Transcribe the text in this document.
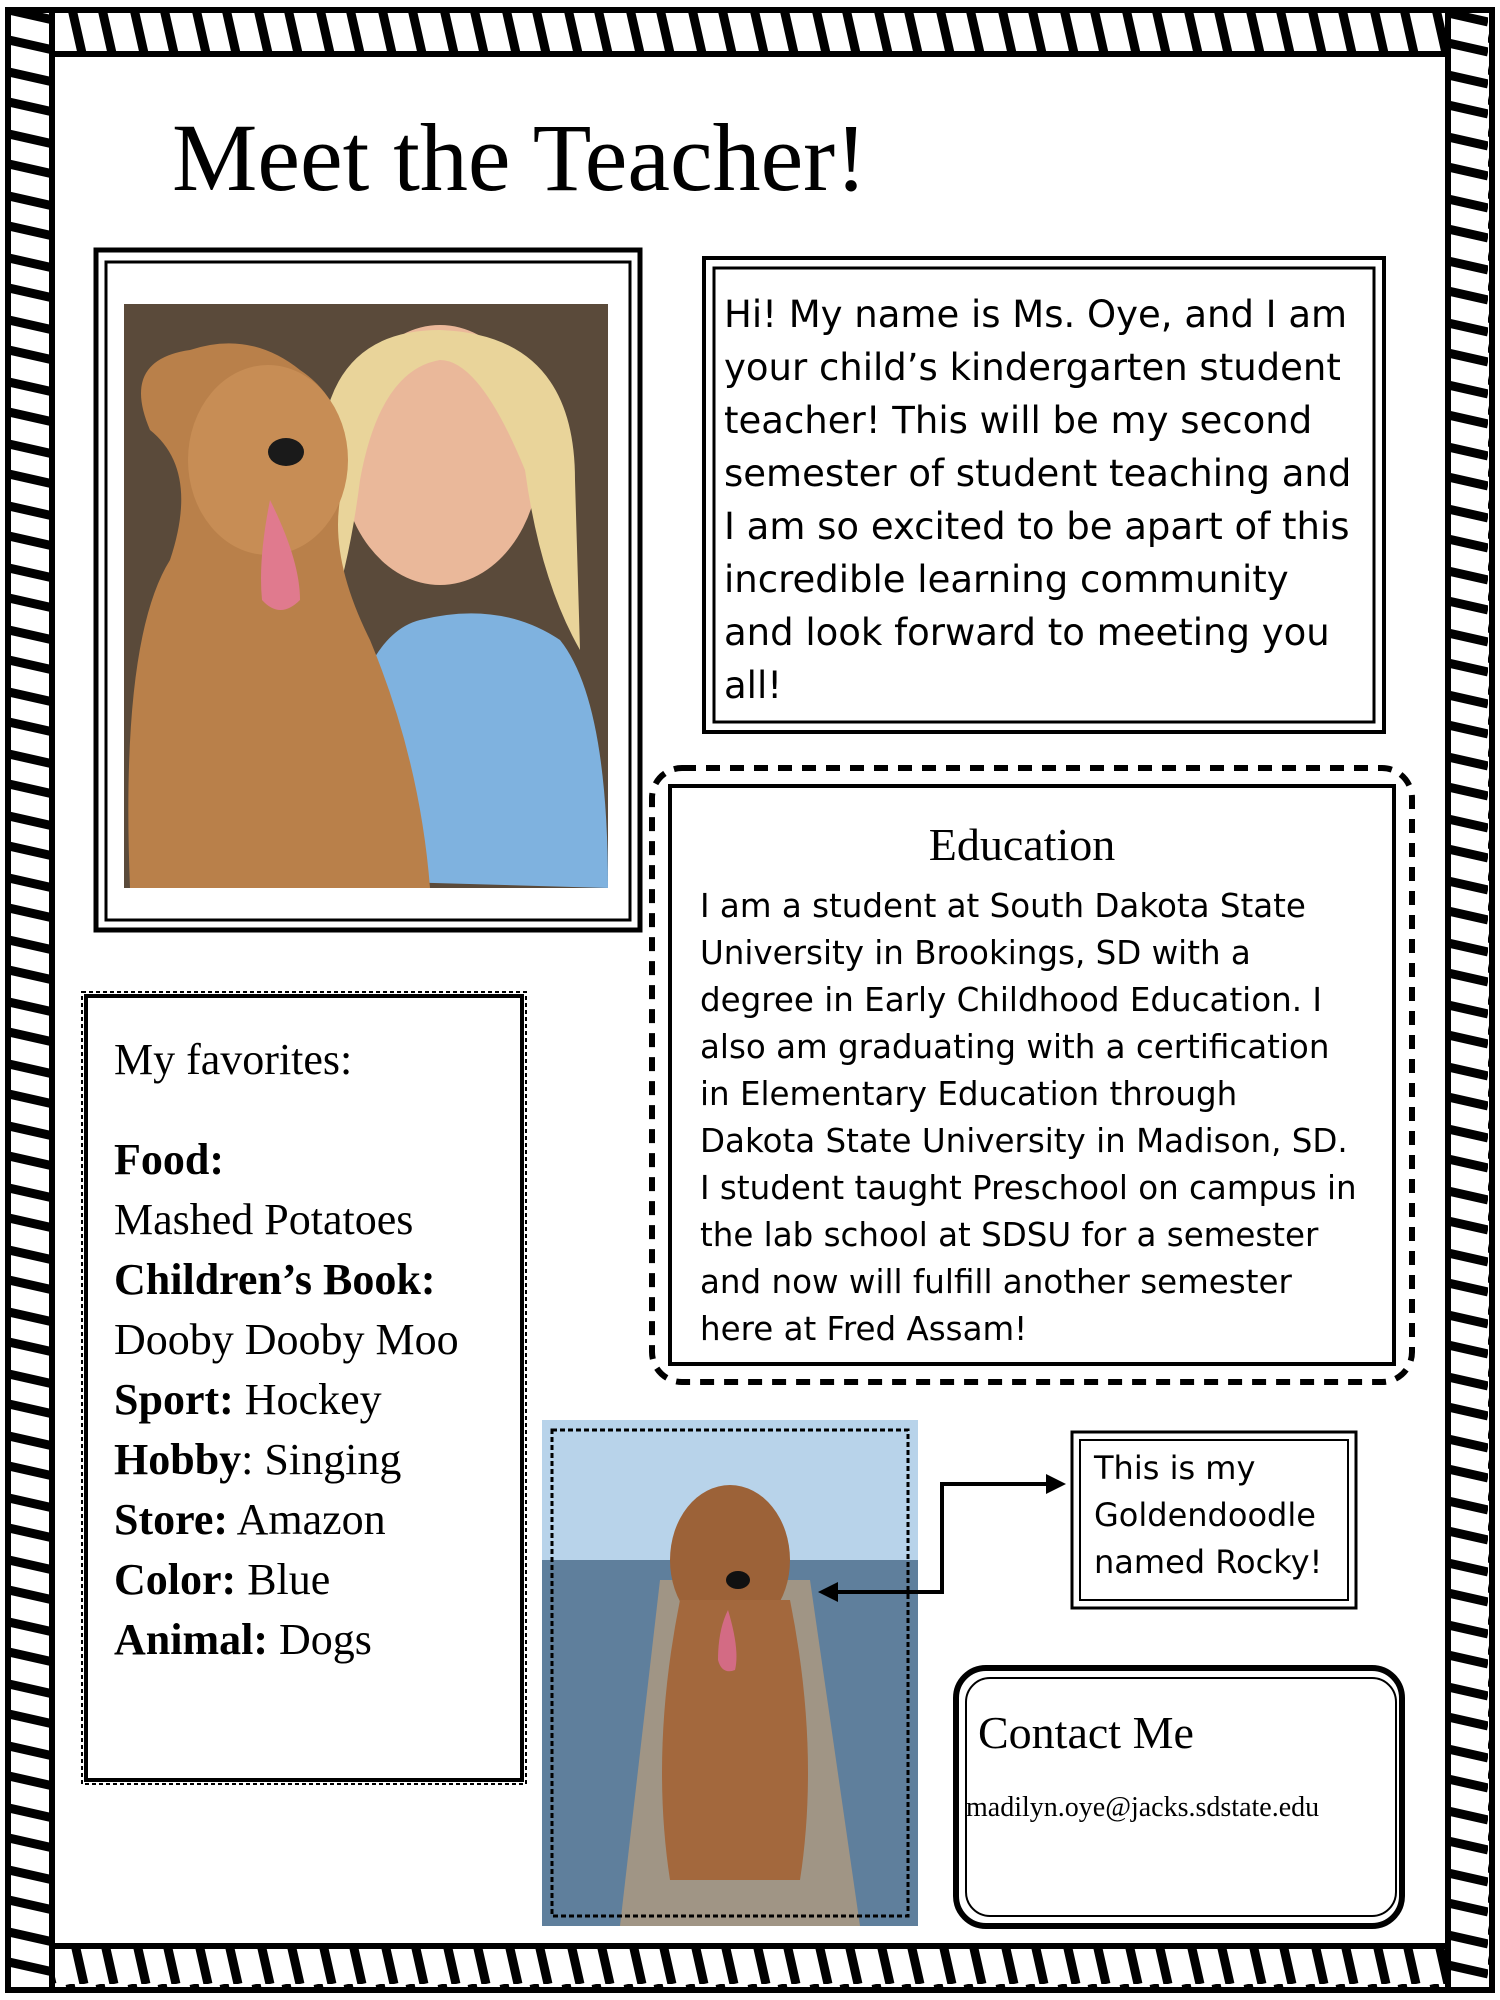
Meet the Teacher!
Hi! My name is Ms. Oye, and I am your child’s kindergarten student teacher! This will be my second semester of student teaching and I am so excited to be apart of this incredible learning community and look forward to meeting you all!
Education
I am a student at South Dakota State University in Brookings, SD with a degree in Early Childhood Education. I also am graduating with a certification in Elementary Education through Dakota State University in Madison, SD. I student taught Preschool on campus in the lab school at SDSU for a semester and now will fulfill another semester here at Fred Assam!
My favorites:
Food:
Mashed Potatoes
Children’s Book:
Dooby Dooby Moo
Sport: Hockey
Hobby: Singing
Store: Amazon
Color: Blue
Animal: Dogs
This is my Goldendoodle named Rocky!
Contact Me
madilyn.oye@jacks.sdstate.edu
